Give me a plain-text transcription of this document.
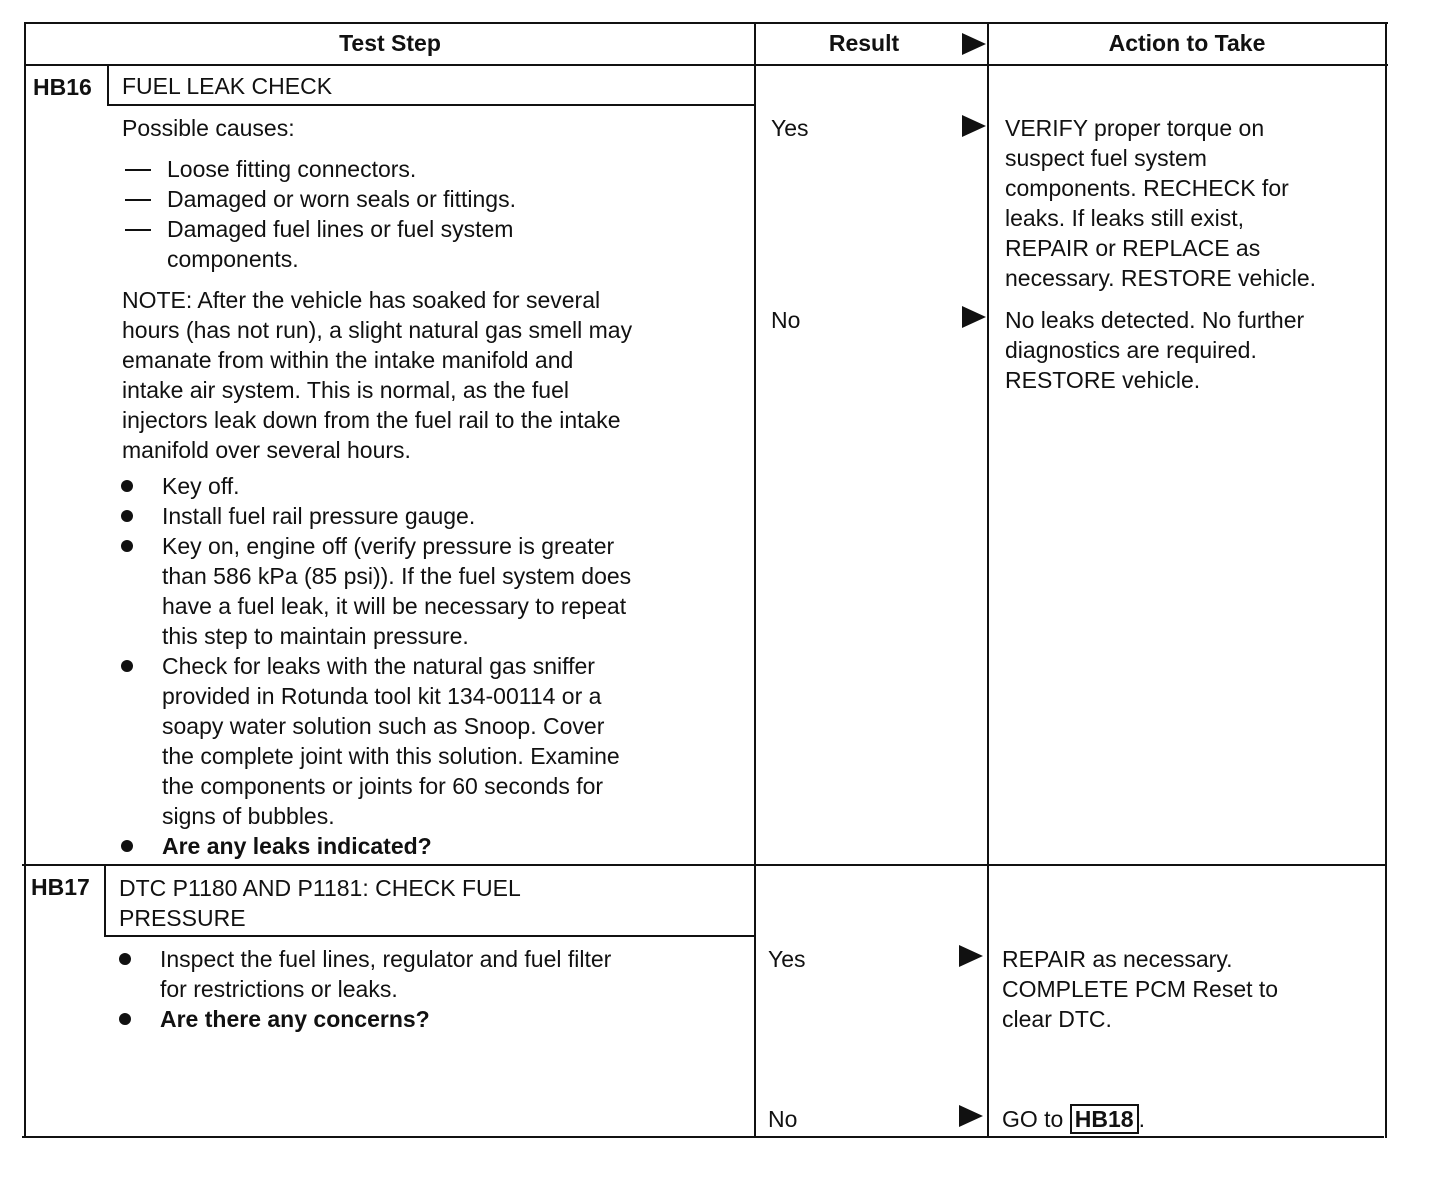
Test Step	Result	Action to Take
HB16 FUEL LEAK CHECK
Possible causes:
Loose fitting connectors.
Damaged or worn seals or fittings.
Damaged fuel lines or fuel system
components.
NOTE: After the vehicle has soaked for several
hours (has not run), a slight natural gas smell may
emanate from within the intake manifold and
intake air system. This is normal, as the fuel
injectors leak down from the fuel rail to the intake
manifold over several hours.
Key off.
Install fuel rail pressure gauge.
Key on, engine off (verify pressure is greater
than 586 kPa (85 psi)). If the fuel system does
have a fuel leak, it will be necessary to repeat
this step to maintain pressure.
Check for leaks with the natural gas sniffer
provided in Rotunda tool kit 134-00114 or a
soapy water solution such as Snoop. Cover
the complete joint with this solution. Examine
the components or joints for 60 seconds for
signs of bubbles.
Are any leaks indicated?
Yes
No
VERIFY proper torque on
suspect fuel system
components. RECHECK for
leaks. If leaks still exist,
REPAIR or REPLACE as
necessary. RESTORE vehicle.
No leaks detected. No further
diagnostics are required.
RESTORE vehicle.
HB17 DTC P1180 AND P1181: CHECK FUEL
PRESSURE
Inspect the fuel lines, regulator and fuel filter
for restrictions or leaks.
Are there any concerns?
Yes
No
REPAIR as necessary.
COMPLETE PCM Reset to
clear DTC.
GO to HB18 .
